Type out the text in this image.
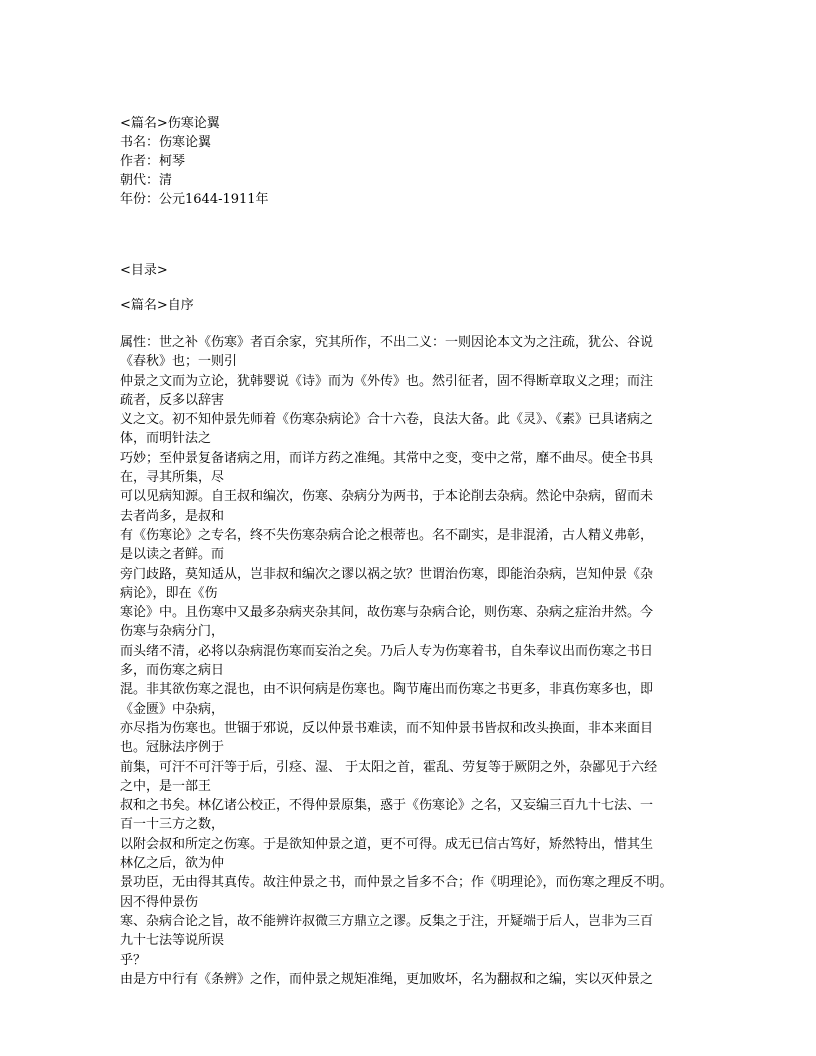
<篇名>伤寒论翼
书名：伤寒论翼
作者：柯琴
朝代：清
年份：公元1644-1911年
<目录>
<篇名>自序
属性：世之补《伤寒》者百余家，究其所作，不出二义：一则因论本文为之注疏，犹公、谷说
《春秋》也；一则引
仲景之文而为立论，犹韩婴说《诗》而为《外传》也。然引征者，固不得断章取义之理；而注
疏者，反多以辞害
义之文。初不知仲景先师着《伤寒杂病论》合十六卷，良法大备。此《灵》、《素》已具诸病之
体，而明针法之
巧妙；至仲景复备诸病之用，而详方药之准绳。其常中之变，变中之常，靡不曲尽。使全书具
在，寻其所集，尽
可以见病知源。自王叔和编次，伤寒、杂病分为两书，于本论削去杂病。然论中杂病，留而未
去者尚多，是叔和
有《伤寒论》之专名，终不失伤寒杂病合论之根蒂也。名不副实，是非混淆，古人精义弗彰，
是以读之者鲜。而
旁门歧路，莫知适从，岂非叔和编次之谬以祸之欤？世谓治伤寒，即能治杂病，岂知仲景《杂
病论》，即在《伤
寒论》中。且伤寒中又最多杂病夹杂其间，故伤寒与杂病合论，则伤寒、杂病之症治井然。今
伤寒与杂病分门，
而头绪不清，必将以杂病混伤寒而妄治之矣。乃后人专为伤寒着书，自朱奉议出而伤寒之书日
多，而伤寒之病日
混。非其欲伤寒之混也，由不识何病是伤寒也。陶节庵出而伤寒之书更多，非真伤寒多也，即
《金匮》中杂病，
亦尽指为伤寒也。世锢于邪说，反以仲景书难读，而不知仲景书皆叔和改头换面，非本来面目
也。冠脉法序例于
前集，可汗不可汗等于后，引痉、湿、 于太阳之首，霍乱、劳复等于厥阴之外，杂鄙见于六经
之中，是一部王
叔和之书矣。林亿诸公校正，不得仲景原集，惑于《伤寒论》之名，又妄编三百九十七法、一
百一十三方之数，
以附会叔和所定之伤寒。于是欲知仲景之道，更不可得。成无已信古笃好，矫然特出，惜其生
林亿之后，欲为仲
景功臣，无由得其真传。故注仲景之书，而仲景之旨多不合；作《明理论》，而伤寒之理反不明。
因不得仲景伤
寒、杂病合论之旨，故不能辨许叔微三方鼎立之谬。反集之于注，开疑端于后人，岂非为三百
九十七法等说所误
乎？
由是方中行有《条辨》之作，而仲景之规矩准绳，更加败坏，名为翻叔和之编，实以灭仲景之
